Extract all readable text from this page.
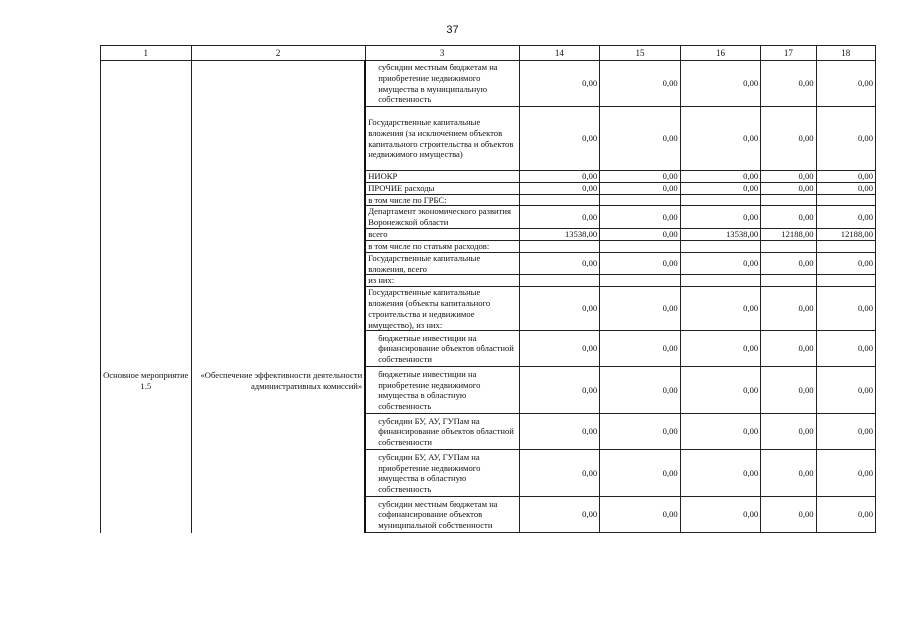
37
1	2	3	14	15	16	17	18
		субсидии местным бюджетам на приобретение недвижимого имущества в муниципальную собственность	0,00	0,00	0,00	0,00	0,00
		Государственные капитальные вложения (за исключением объектов капитального строительства и объектов недвижимого имущества)	0,00	0,00	0,00	0,00	0,00
		НИОКР	0,00	0,00	0,00	0,00	0,00
		ПРОЧИЕ расходы	0,00	0,00	0,00	0,00	0,00
		в том числе по ГРБС:					
		Департамент экономического развития Воронежской области	0,00	0,00	0,00	0,00	0,00
Основное мероприятие 1.5	«Обеспечение эффективности деятельности административных комиссий»	всего	13538,00	0,00	13538,00	12188,00	12188,00
		в том числе по статьям расходов:					
		Государственные капитальные вложения, всего	0,00	0,00	0,00	0,00	0,00
		из них:					
		Государственные капитальные вложения (объекты капитального строительства и недвижимое имущество), из них:	0,00	0,00	0,00	0,00	0,00
		бюджетные инвестиции на финансирование объектов областной собственности	0,00	0,00	0,00	0,00	0,00
		бюджетные инвестиции на приобретение недвижимого имущества в областную собственность	0,00	0,00	0,00	0,00	0,00
		субсидии БУ, АУ, ГУПам на финансирование объектов областной собственности	0,00	0,00	0,00	0,00	0,00
		субсидии БУ, АУ, ГУПам на приобретение недвижимого имущества в областную собственность	0,00	0,00	0,00	0,00	0,00
		субсидии местным бюджетам на софинансирование объектов муниципальной собственности	0,00	0,00	0,00	0,00	0,00
